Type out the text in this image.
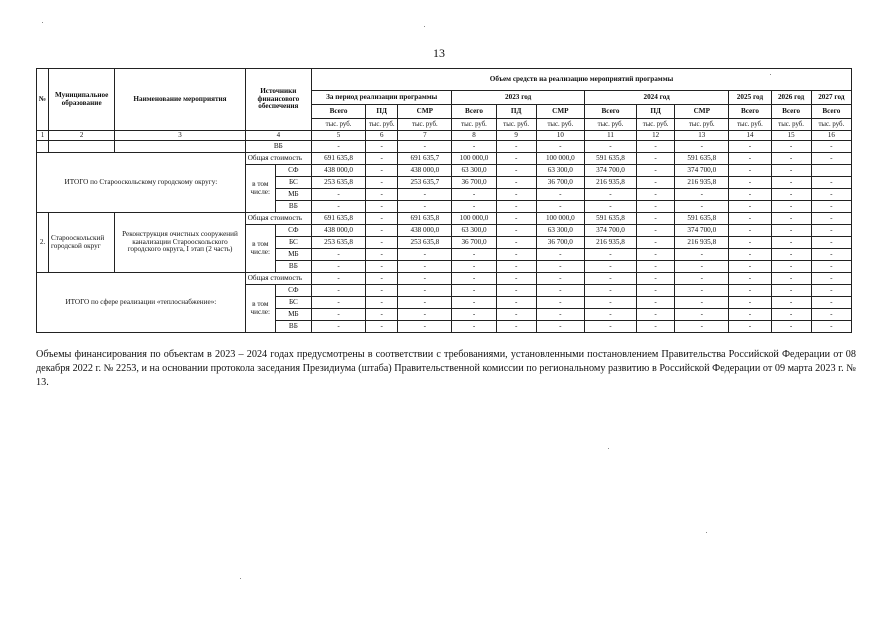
13
№	Муниципальное образование	Наименование мероприятия	Источники финансового обеспечения		Объем средств на реализацию мероприятий программы											
					За период реализации программы			2023 год			2024 год			2025 год	2026 год	2027 год
					Всего	ПД	СМР	Всего	ПД	СМР	Всего	ПД	СМР	Всего	Всего	Всего
					тыс. руб.	тыс. руб.	тыс. руб.	тыс. руб.	тыс. руб.	тыс. руб.	тыс. руб.	тыс. руб.	тыс. руб.	тыс. руб.	тыс. руб.	тыс. руб.
1	2	3	4		5	6	7	8	9	10	11	12	13	14	15	16
			ВБ		-	-	-	-	-	-	-	-	-	-	-	-
ИТОГО по Старооскольскому городскому округу:			Общая стоимость		691 635,8	-	691 635,7	100 000,0	-	100 000,0	591 635,8	-	591 635,8	-	-	-
			в том числе:	СФ	438 000,0	-	438 000,0	63 300,0	-	63 300,0	374 700,0	-	374 700,0	-	-	
				БС	253 635,8	-	253 635,7	36 700,0	-	36 700,0	216 935,8	-	216 935,8	-	-	-
				МБ	-	-	-	-	-	-	-	-	-	-	-	-
				ВБ	-	-	-	-	-	-	-	-	-	-	-	-
2.	Старооскольский городской округ	Реконструкция очистных сооружений канализации Старооскольского городского округа, I этап (2 часть)	Общая стоимость		691 635,8	-	691 635,8	100 000,0	-	100 000,0	591 635,8	-	591 635,8	-	-	-
			в том числе:	СФ	438 000,0	-	438 000,0	63 300,0	-	63 300,0	374 700,0	-	374 700,0	-	-	-
				БС	253 635,8	-	253 635,8	36 700,0	-	36 700,0	216 935,8	-	216 935,8	-	-	-
				МБ	-	-	-	-	-	-	-	-	-	-	-	-
				ВБ	-	-	-	-	-	-	-	-	-	-	-	-
ИТОГО по сфере реализации «теплоснабжение»:			Общая стоимость		-	-	-	-	-	-	-	-	-	-	-	-
			в том числе:	СФ	-	-	-	-	-	-	-	-	-	-	-	-
				БС	-	-	-	-	-	-	-	-	-	-	-	-
				МБ	-	-	-	-	-	-	-	-	-	-	-	-
				ВБ	-	-	-	-	-	-	-	-	-	-	-	-
Объемы финансирования по объектам в 2023 – 2024 годах предусмотрены в соответствии с требованиями, установленными постановлением Правительства Российской Федерации от 08 декабря 2022 г. № 2253, и на основании протокола заседания Президиума (штаба) Правительственной комиссии по региональному развитию в Российской Федерации от 09 марта 2023 г. № 13.
